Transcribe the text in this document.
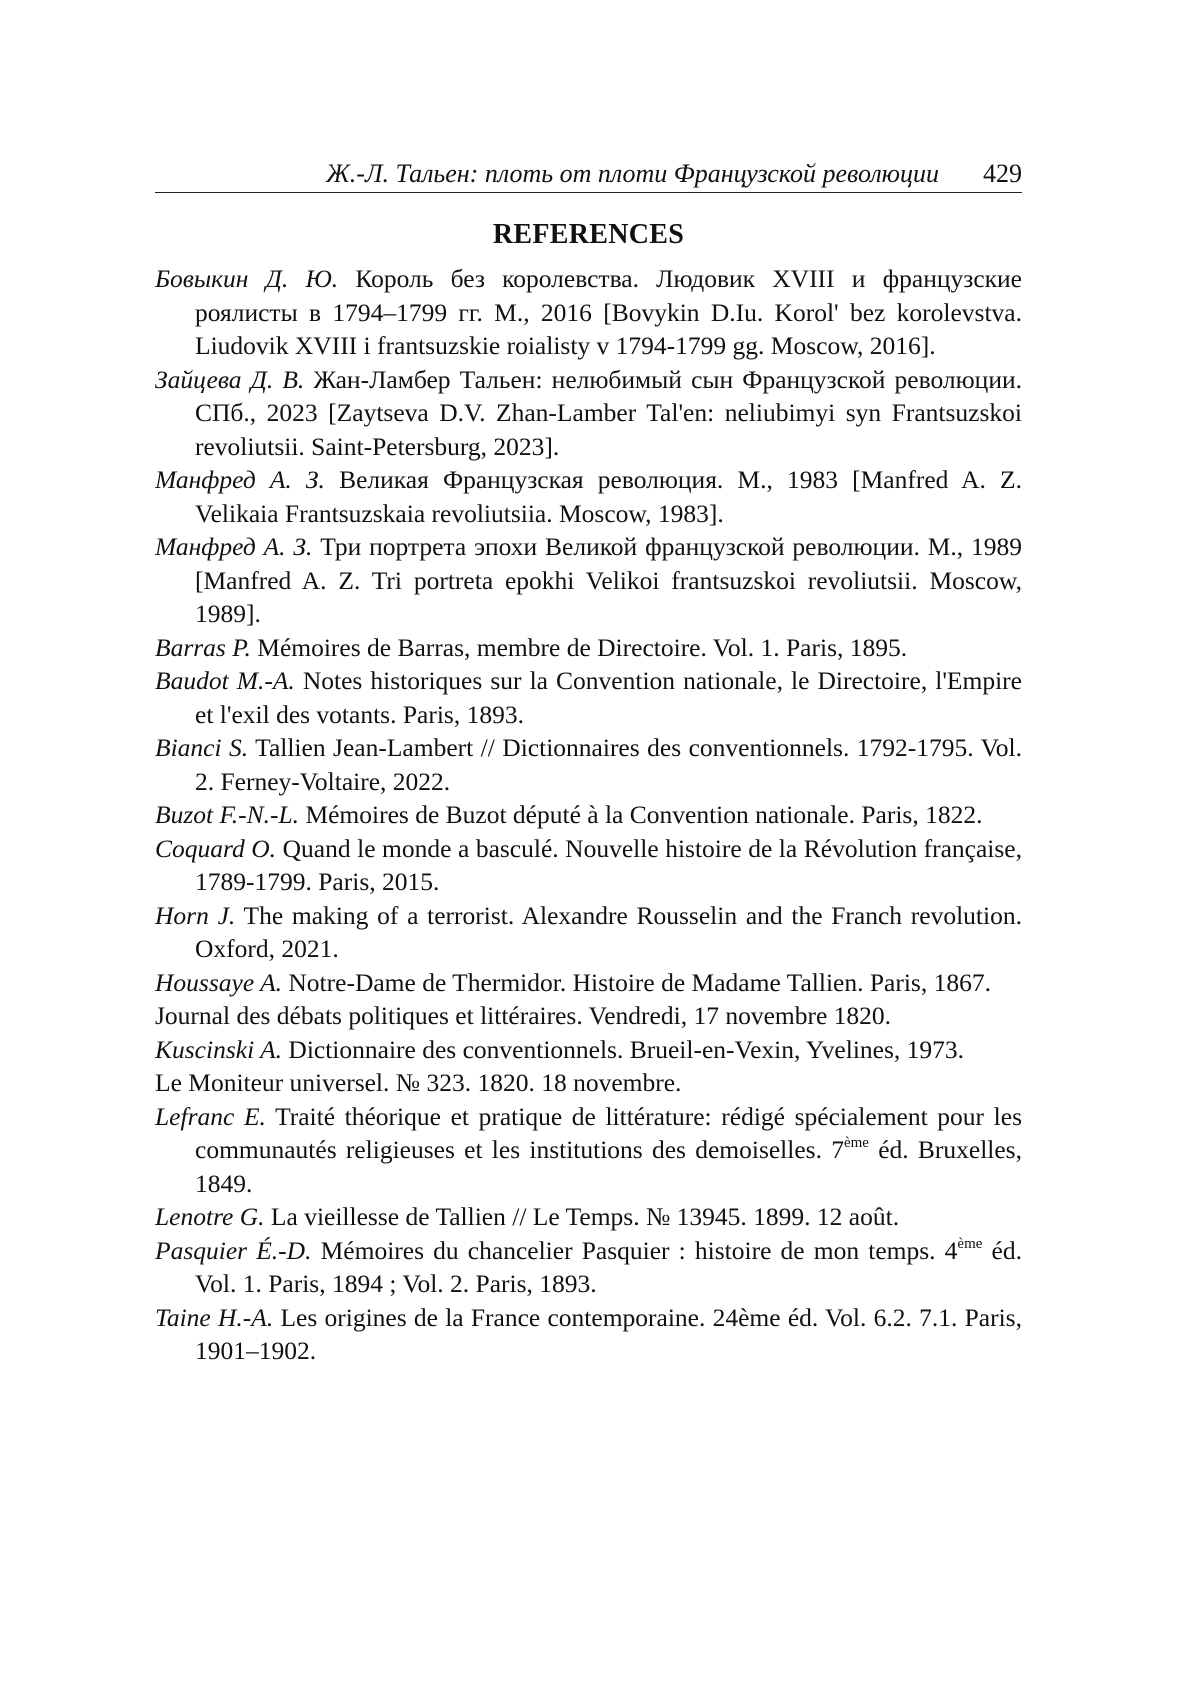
Ж.-Л. Тальен: плоть от плоти Французской революции 429
REFERENCES
Бовыкин Д. Ю. Король без королевства. Людовик XVIII и французские роялисты в 1794–1799 гг. М., 2016 [Bovykin D.Iu. Korol' bez korolevstva. Liudovik XVIII i frantsuzskie roialisty v 1794-1799 gg. Moscow, 2016].
Зайцева Д. В. Жан-Ламбер Тальен: нелюбимый сын Французской революции. СПб., 2023 [Zaytseva D.V. Zhan-Lamber Tal'en: neliubimyi syn Frantsuzskoi revoliutsii. Saint-Petersburg, 2023].
Манфред А. З. Великая Французская революция. М., 1983 [Manfred A. Z. Velikaia Frantsuzskaia revoliutsiia. Moscow, 1983].
Манфред А. З. Три портрета эпохи Великой французской революции. М., 1989 [Manfred A. Z. Tri portreta epokhi Velikoi frantsuzskoi revoliutsii. Moscow, 1989].
Barras P. Mémoires de Barras, membre de Directoire. Vol. 1. Paris, 1895.
Baudot M.-A. Notes historiques sur la Convention nationale, le Directoire, l'Empire et l'exil des votants. Paris, 1893.
Bianci S. Tallien Jean-Lambert // Dictionnaires des conventionnels. 1792-1795. Vol. 2. Ferney-Voltaire, 2022.
Buzot F.-N.-L. Mémoires de Buzot député à la Convention nationale. Paris, 1822.
Coquard O. Quand le monde a basculé. Nouvelle histoire de la Révolution française, 1789-1799. Paris, 2015.
Horn J. The making of a terrorist. Alexandre Rousselin and the Franch revolution. Oxford, 2021.
Houssaye A. Notre-Dame de Thermidor. Histoire de Madame Tallien. Paris, 1867.
Journal des débats politiques et littéraires. Vendredi, 17 novembre 1820.
Kuscinski A. Dictionnaire des conventionnels. Brueil-en-Vexin, Yvelines, 1973.
Le Moniteur universel. № 323. 1820. 18 novembre.
Lefranc E. Traité théorique et pratique de littérature: rédigé spécialement pour les communautés religieuses et les institutions des demoiselles. 7ème éd. Bruxelles, 1849.
Lenotre G. La vieillesse de Tallien // Le Temps. № 13945. 1899. 12 août.
Pasquier É.-D. Mémoires du chancelier Pasquier : histoire de mon temps. 4ème éd. Vol. 1. Paris, 1894 ; Vol. 2. Paris, 1893.
Taine H.-A. Les origines de la France contemporaine. 24ème éd. Vol. 6.2. 7.1. Paris, 1901–1902.
